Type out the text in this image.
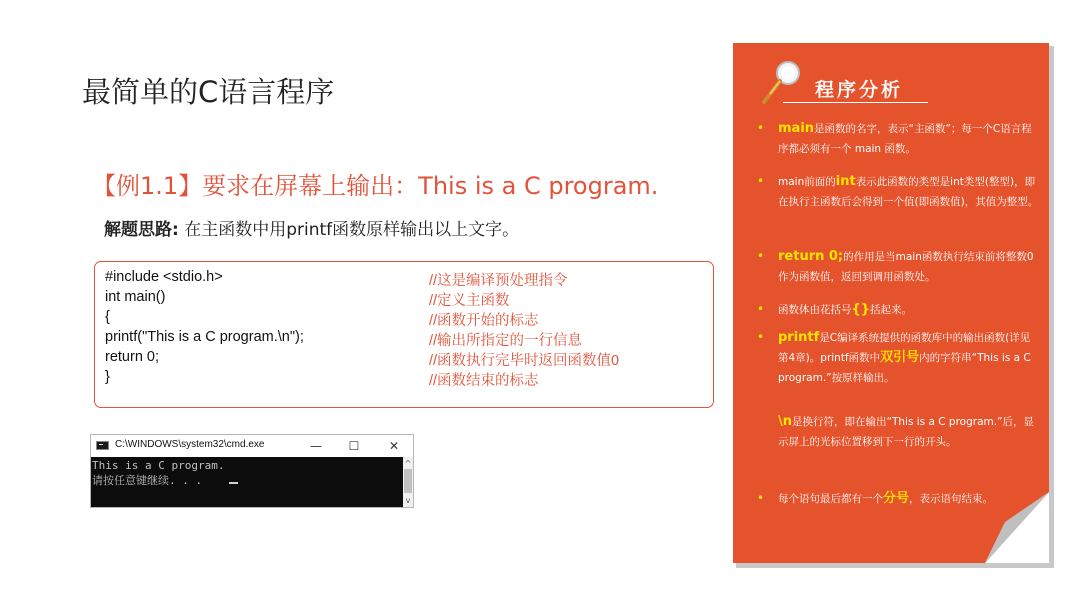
最简单的C语言程序
【例1.1】要求在屏幕上输出：This is a C program.
解题思路: 在主函数中用printf函数原样输出以上文字。
#include <stdio.h>	//这是编译预处理指令
int main()	//定义主函数
{	//函数开始的标志
printf("This is a C program.\n");	//输出所指定的一行信息
return 0;	//函数执行完毕时返回函数值0
}	//函数结束的标志
C:\WINDOWS\system32\cmd.exe	—	☐	✕
This is a C program.
请按任意键继续. . .
^
v
程序分析
•
main是函数的名字，表示“主函数”；每一个C语言程序都必须有一个 main 函数。
•
main前面的int表示此函数的类型是int类型(整型)，即在执行主函数后会得到一个值(即函数值)，其值为整型。
•
return 0;的作用是当main函数执行结束前将整数0作为函数值，返回到调用函数处。
•
函数体由花括号{}括起来。
•
printf是C编译系统提供的函数库中的输出函数(详见第4章)。printf函数中双引号内的字符串“This is a C program.”按原样输出。
\n是换行符，即在输出“This is a C program.”后，显示屏上的光标位置移到下一行的开头。
•
每个语句最后都有一个分号，表示语句结束。
